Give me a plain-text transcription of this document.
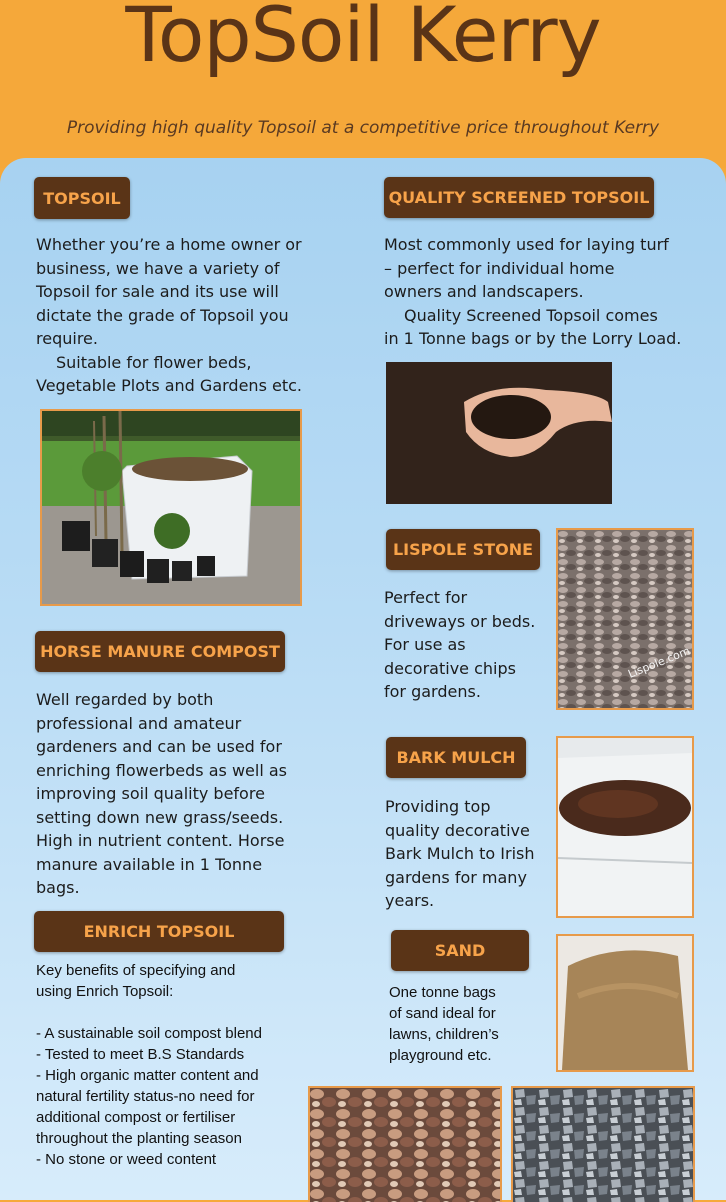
TopSoil Kerry
Providing high quality Topsoil at a competitive price throughout Kerry
TOPSOIL
Whether you’re a home owner or
business, we have a variety of
Topsoil for sale and its use will
dictate the grade of Topsoil you
require.
Suitable for flower beds,
Vegetable Plots and Gardens etc.
QUALITY SCREENED TOPSOIL
Most commonly used for laying turf
– perfect for individual home
owners and landscapers.
Quality Screened Topsoil comes
in 1 Tonne bags or by the Lorry Load.
LISPOLE STONE
Perfect for
driveways or beds.
For use as
decorative chips
for gardens.
Lispole.com
HORSE MANURE COMPOST
Well regarded by both
professional and amateur
gardeners and can be used for
enriching flowerbeds as well as
improving soil quality before
setting down new grass/seeds.
High in nutrient content. Horse
manure available in 1 Tonne
bags.
BARK MULCH
Providing top
quality decorative
Bark Mulch to Irish
gardens for many
years.
ENRICH TOPSOIL
Key benefits of specifying and
using Enrich Topsoil:
- A sustainable soil compost blend
- Tested to meet B.S Standards
- High organic matter content and
natural fertility status-no need for
additional compost or fertiliser
throughout the planting season
- No stone or weed content
SAND
One tonne bags
of sand ideal for
lawns, children’s
playground etc.
